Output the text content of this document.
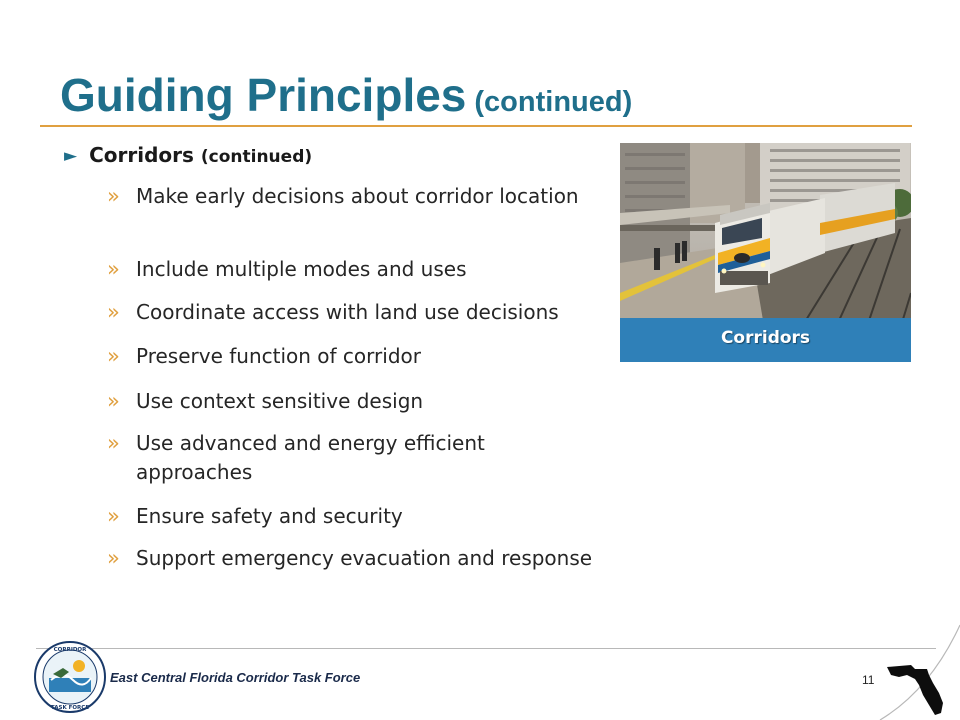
Guiding Principles (continued)
► Corridors (continued)
» Make early decisions about corridor location
» Include multiple modes and uses
» Coordinate access with land use decisions
» Preserve function of corridor
» Use context sensitive design
» Use advanced and energy efficient approaches
» Ensure safety and security
» Support emergency evacuation and response
Corridors
CORRIDOR
TASK FORCE
East Central Florida Corridor Task Force	11
